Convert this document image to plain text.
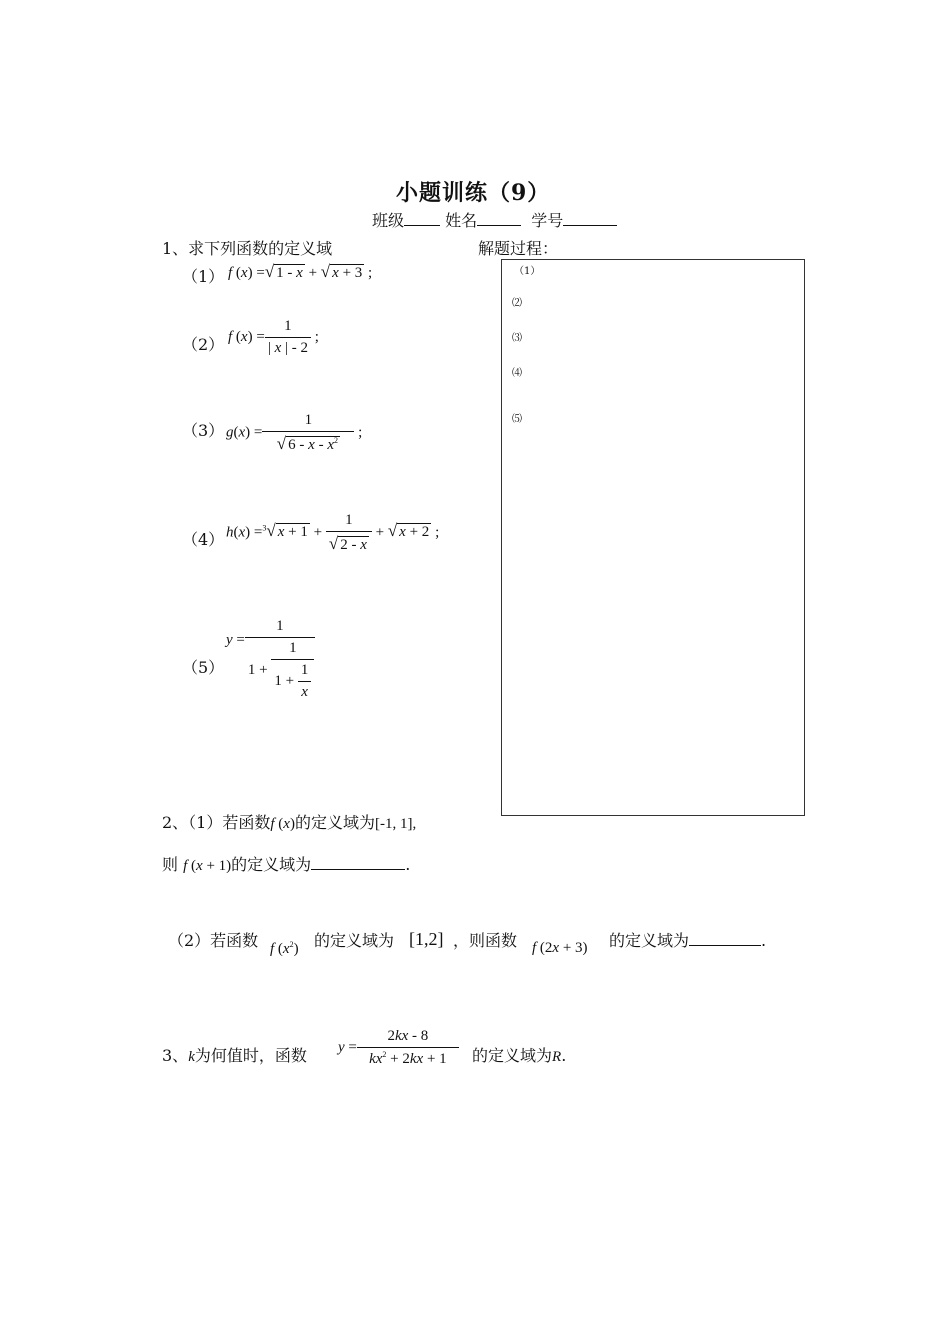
小题训练（9）
班级	姓名	学号
1、求下列函数的定义域	解题过程：
（1） f (x) =√ 1 - x + √ x + 3 ;
（2） f $(x) = \frac{1}{| x | - 2}$ ;
（3） $g(x) = \frac{1}{√ 6 - x - x^2}$ ;
（4） h(x) =$^3$√ $x + 1 + \frac{1}{√ 2 - x}$ + √ x + 2 ;
（5）
$y = \frac{1}{1 + \frac{1}{1 + \frac{1}{x}}}$
（1）
⑵
⑶
⑷
⑸
2、（1）若函数f (x)的定义域为[-1, 1],
则 f (x + 1)的定义域为	.
（2）若函数 f $(x^2)$ 的定义域为 [1,2] ，则函数 f (2x + 3) 的定义域为	.
3、k为何值时，函数 $y = \frac{2kx - 8}{kx^2 + 2kx + 1}$ 的定义域为R.
